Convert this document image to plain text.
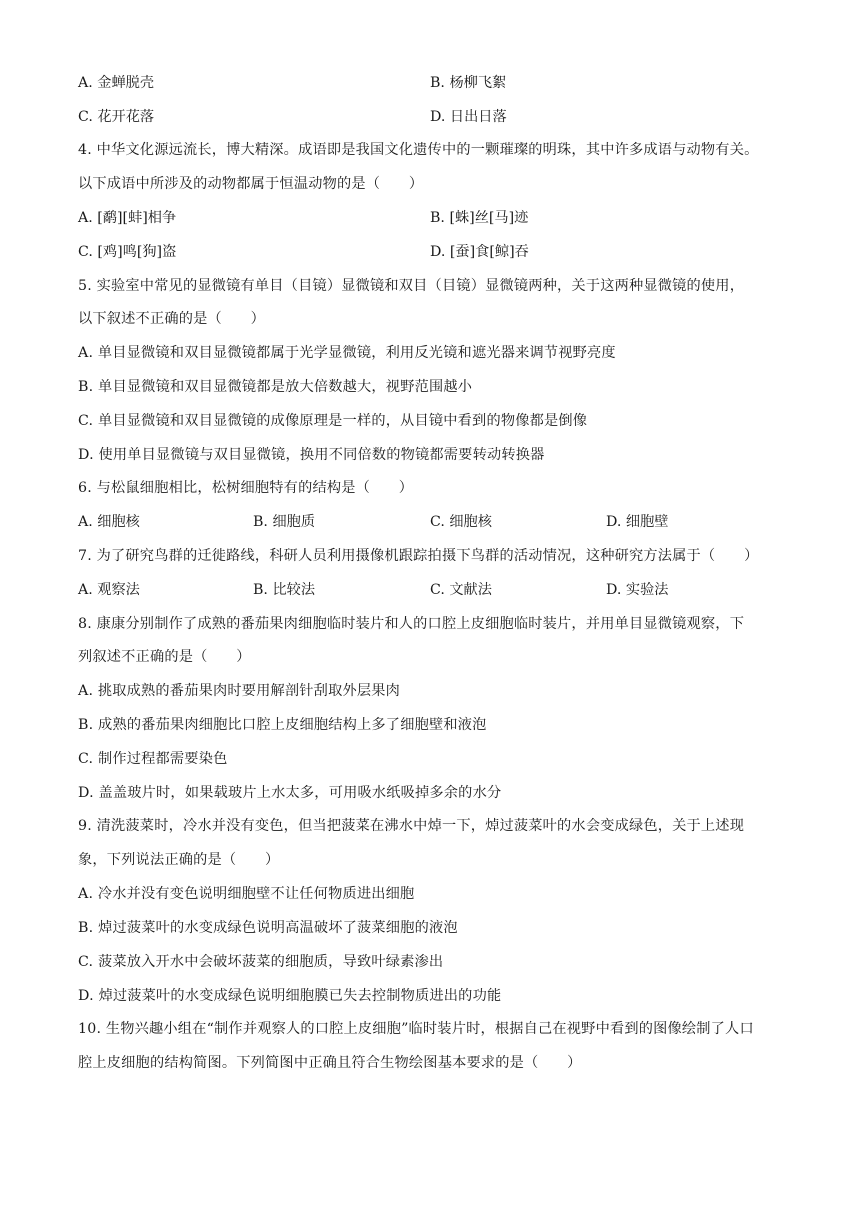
A. 金蝉脱壳	B. 杨柳飞絮
C. 花开花落	D. 日出日落
4. 中华文化源远流长，博大精深。成语即是我国文化遗传中的一颗璀璨的明珠，其中许多成语与动物有关。
以下成语中所涉及的动物都属于恒温动物的是（　　）
A. [鹬][蚌]相争	B. [蛛]丝[马]迹
C. [鸡]鸣[狗]盗	D. [蚕]食[鲸]吞
5. 实验室中常见的显微镜有单目（目镜）显微镜和双目（目镜）显微镜两种，关于这两种显微镜的使用，
以下叙述不正确的是（　　）
A. 单目显微镜和双目显微镜都属于光学显微镜，利用反光镜和遮光器来调节视野亮度
B. 单目显微镜和双目显微镜都是放大倍数越大，视野范围越小
C. 单目显微镜和双目显微镜的成像原理是一样的，从目镜中看到的物像都是倒像
D. 使用单目显微镜与双目显微镜，换用不同倍数的物镜都需要转动转换器
6. 与松鼠细胞相比，松树细胞特有的结构是（　　）
A. 细胞核	B. 细胞质	C. 细胞核	D. 细胞壁
7. 为了研究鸟群的迁徙路线，科研人员利用摄像机跟踪拍摄下鸟群的活动情况，这种研究方法属于（　　）
A. 观察法	B. 比较法	C. 文献法	D. 实验法
8. 康康分别制作了成熟的番茄果肉细胞临时装片和人的口腔上皮细胞临时装片，并用单目显微镜观察，下
列叙述不正确的是（　　）
A. 挑取成熟的番茄果肉时要用解剖针刮取外层果肉
B. 成熟的番茄果肉细胞比口腔上皮细胞结构上多了细胞壁和液泡
C. 制作过程都需要染色
D. 盖盖玻片时，如果载玻片上水太多，可用吸水纸吸掉多余的水分
9. 清洗菠菜时，冷水并没有变色，但当把菠菜在沸水中焯一下，焯过菠菜叶的水会变成绿色，关于上述现
象，下列说法正确的是（　　）
A. 冷水并没有变色说明细胞壁不让任何物质进出细胞
B. 焯过菠菜叶的水变成绿色说明高温破坏了菠菜细胞的液泡
C. 菠菜放入开水中会破坏菠菜的细胞质，导致叶绿素渗出
D. 焯过菠菜叶的水变成绿色说明细胞膜已失去控制物质进出的功能
10. 生物兴趣小组在“制作并观察人的口腔上皮细胞”临时装片时，根据自己在视野中看到的图像绘制了人口
腔上皮细胞的结构简图。下列简图中正确且符合生物绘图基本要求的是（　　）
